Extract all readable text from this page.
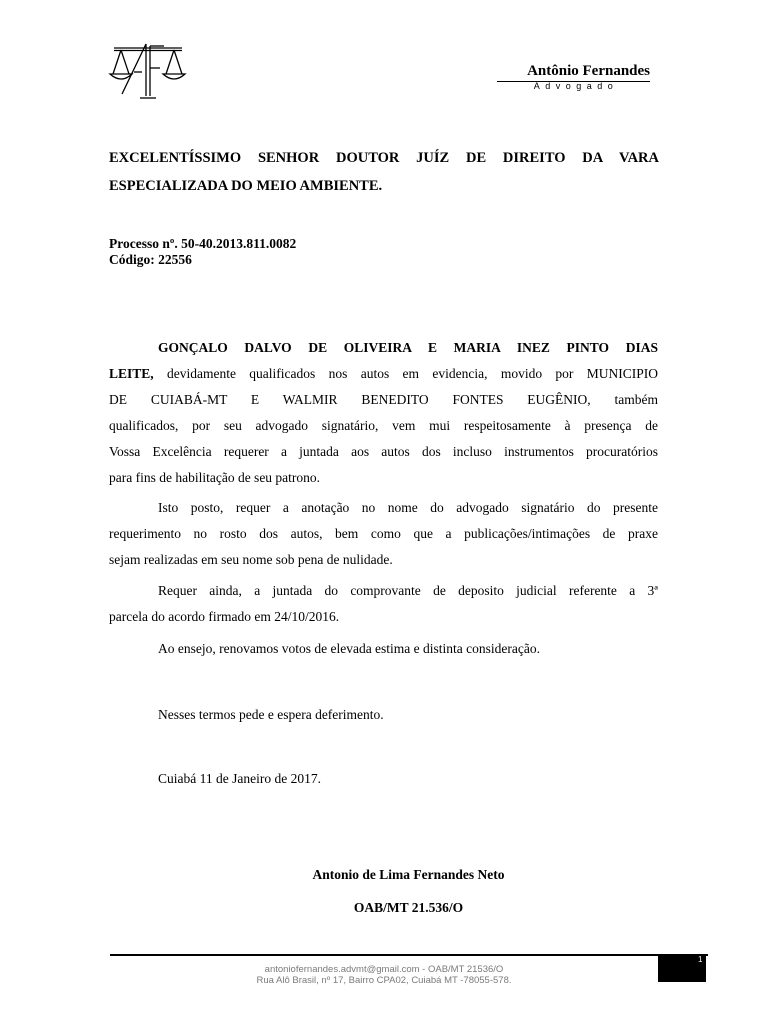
Antônio Fernandes
Advogado
EXCELENTÍSSIMO SENHOR DOUTOR JUÍZ DE DIREITO DA VARA
ESPECIALIZADA DO MEIO AMBIENTE.
Processo nº. 50-40.2013.811.0082
Código: 22556
GONÇALO DALVO DE OLIVEIRA E MARIA INEZ PINTO DIAS
LEITE, devidamente qualificados nos autos em evidencia, movido por MUNICIPIO
DE CUIABÁ-MT E WALMIR BENEDITO FONTES EUGÊNIO, também
qualificados, por seu advogado signatário, vem mui respeitosamente à presença de
Vossa Excelência requerer a juntada aos autos dos incluso instrumentos procuratórios
para fins de habilitação de seu patrono.
Isto posto, requer a anotação no nome do advogado signatário do presente
requerimento no rosto dos autos, bem como que a publicações/intimações de praxe
sejam realizadas em seu nome sob pena de nulidade.
Requer ainda, a juntada do comprovante de deposito judicial referente a 3ª
parcela do acordo firmado em 24/10/2016.
Ao ensejo, renovamos votos de elevada estima e distinta consideração.
Nesses termos pede e espera deferimento.
Cuiabá 11 de Janeiro de 2017.
Antonio de Lima Fernandes Neto
OAB/MT 21.536/O
1
antoniofernandes.advmt@gmail.com - OAB/MT 21536/O
Rua Alô Brasil, nº 17, Bairro CPA02, Cuiabá MT -78055-578.
